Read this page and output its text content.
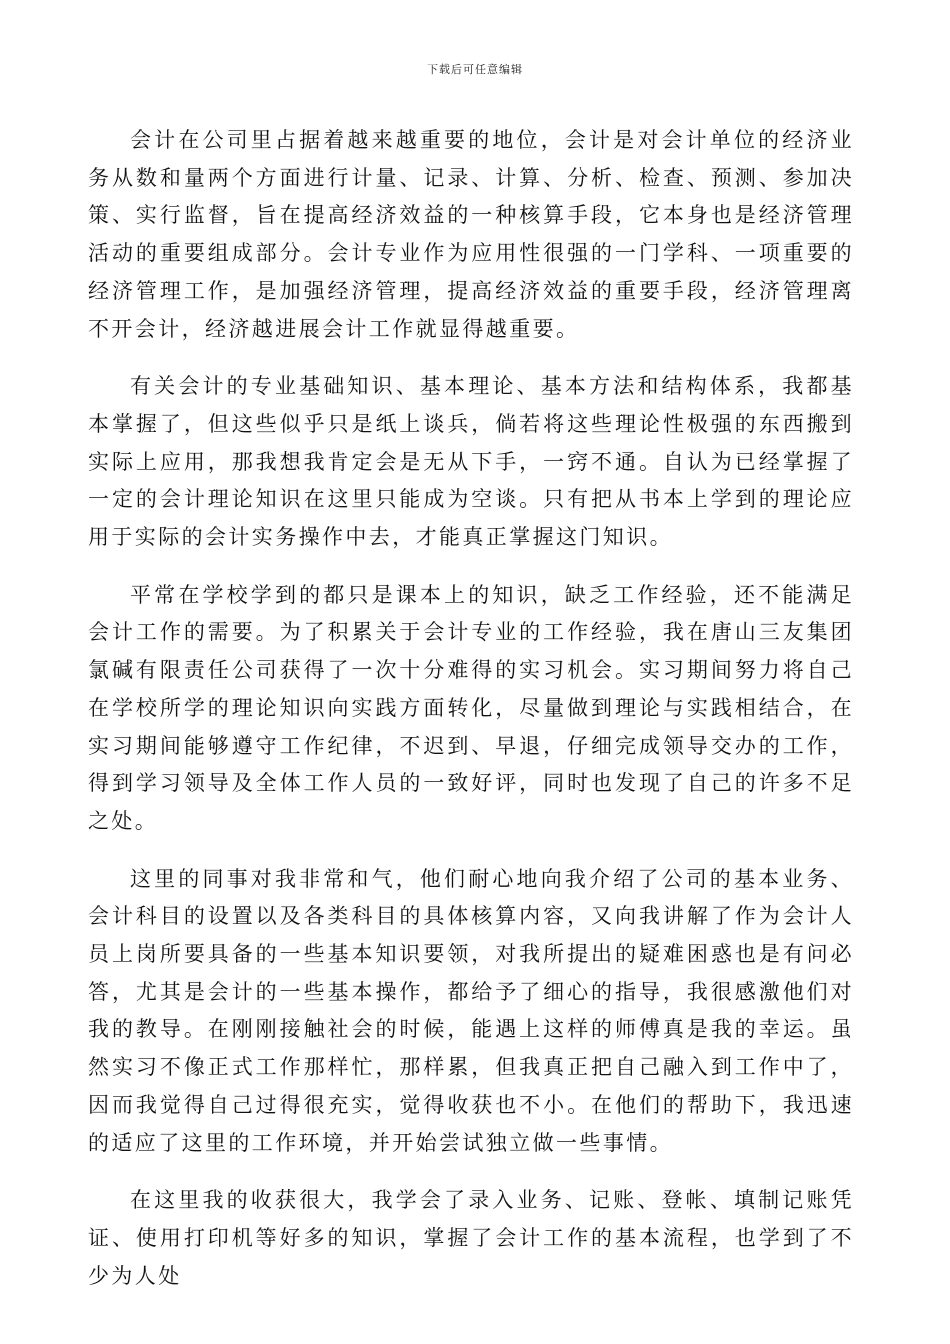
下载后可任意编辑

会计在公司里占据着越来越重要的地位，会计是对会计单位的经济业务从数和量两个方面进行计量、记录、计算、分析、检查、预测、参加决策、实行监督，旨在提高经济效益的一种核算手段，它本身也是经济管理活动的重要组成部分。会计专业作为应用性很强的一门学科、一项重要的经济管理工作，是加强经济管理，提高经济效益的重要手段，经济管理离不开会计，经济越进展会计工作就显得越重要。

有关会计的专业基础知识、基本理论、基本方法和结构体系，我都基本掌握了，但这些似乎只是纸上谈兵，倘若将这些理论性极强的东西搬到实际上应用，那我想我肯定会是无从下手，一窍不通。自认为已经掌握了一定的会计理论知识在这里只能成为空谈。只有把从书本上学到的理论应用于实际的会计实务操作中去，才能真正掌握这门知识。

平常在学校学到的都只是课本上的知识，缺乏工作经验，还不能满足会计工作的需要。为了积累关于会计专业的工作经验，我在唐山三友集团氯碱有限责任公司获得了一次十分难得的实习机会。实习期间努力将自己在学校所学的理论知识向实践方面转化，尽量做到理论与实践相结合，在实习期间能够遵守工作纪律，不迟到、早退，仔细完成领导交办的工作，得到学习领导及全体工作人员的一致好评，同时也发现了自己的许多不足之处。

这里的同事对我非常和气，他们耐心地向我介绍了公司的基本业务、会计科目的设置以及各类科目的具体核算内容，又向我讲解了作为会计人员上岗所要具备的一些基本知识要领，对我所提出的疑难困惑也是有问必答，尤其是会计的一些基本操作，都给予了细心的指导，我很感激他们对我的教导。在刚刚接触社会的时候，能遇上这样的师傅真是我的幸运。虽然实习不像正式工作那样忙，那样累，但我真正把自己融入到工作中了，因而我觉得自己过得很充实，觉得收获也不小。在他们的帮助下，我迅速的适应了这里的工作环境，并开始尝试独立做一些事情。

在这里我的收获很大，我学会了录入业务、记账、登帐、填制记账凭证、使用打印机等好多的知识，掌握了会计工作的基本流程，也学到了不少为人处
